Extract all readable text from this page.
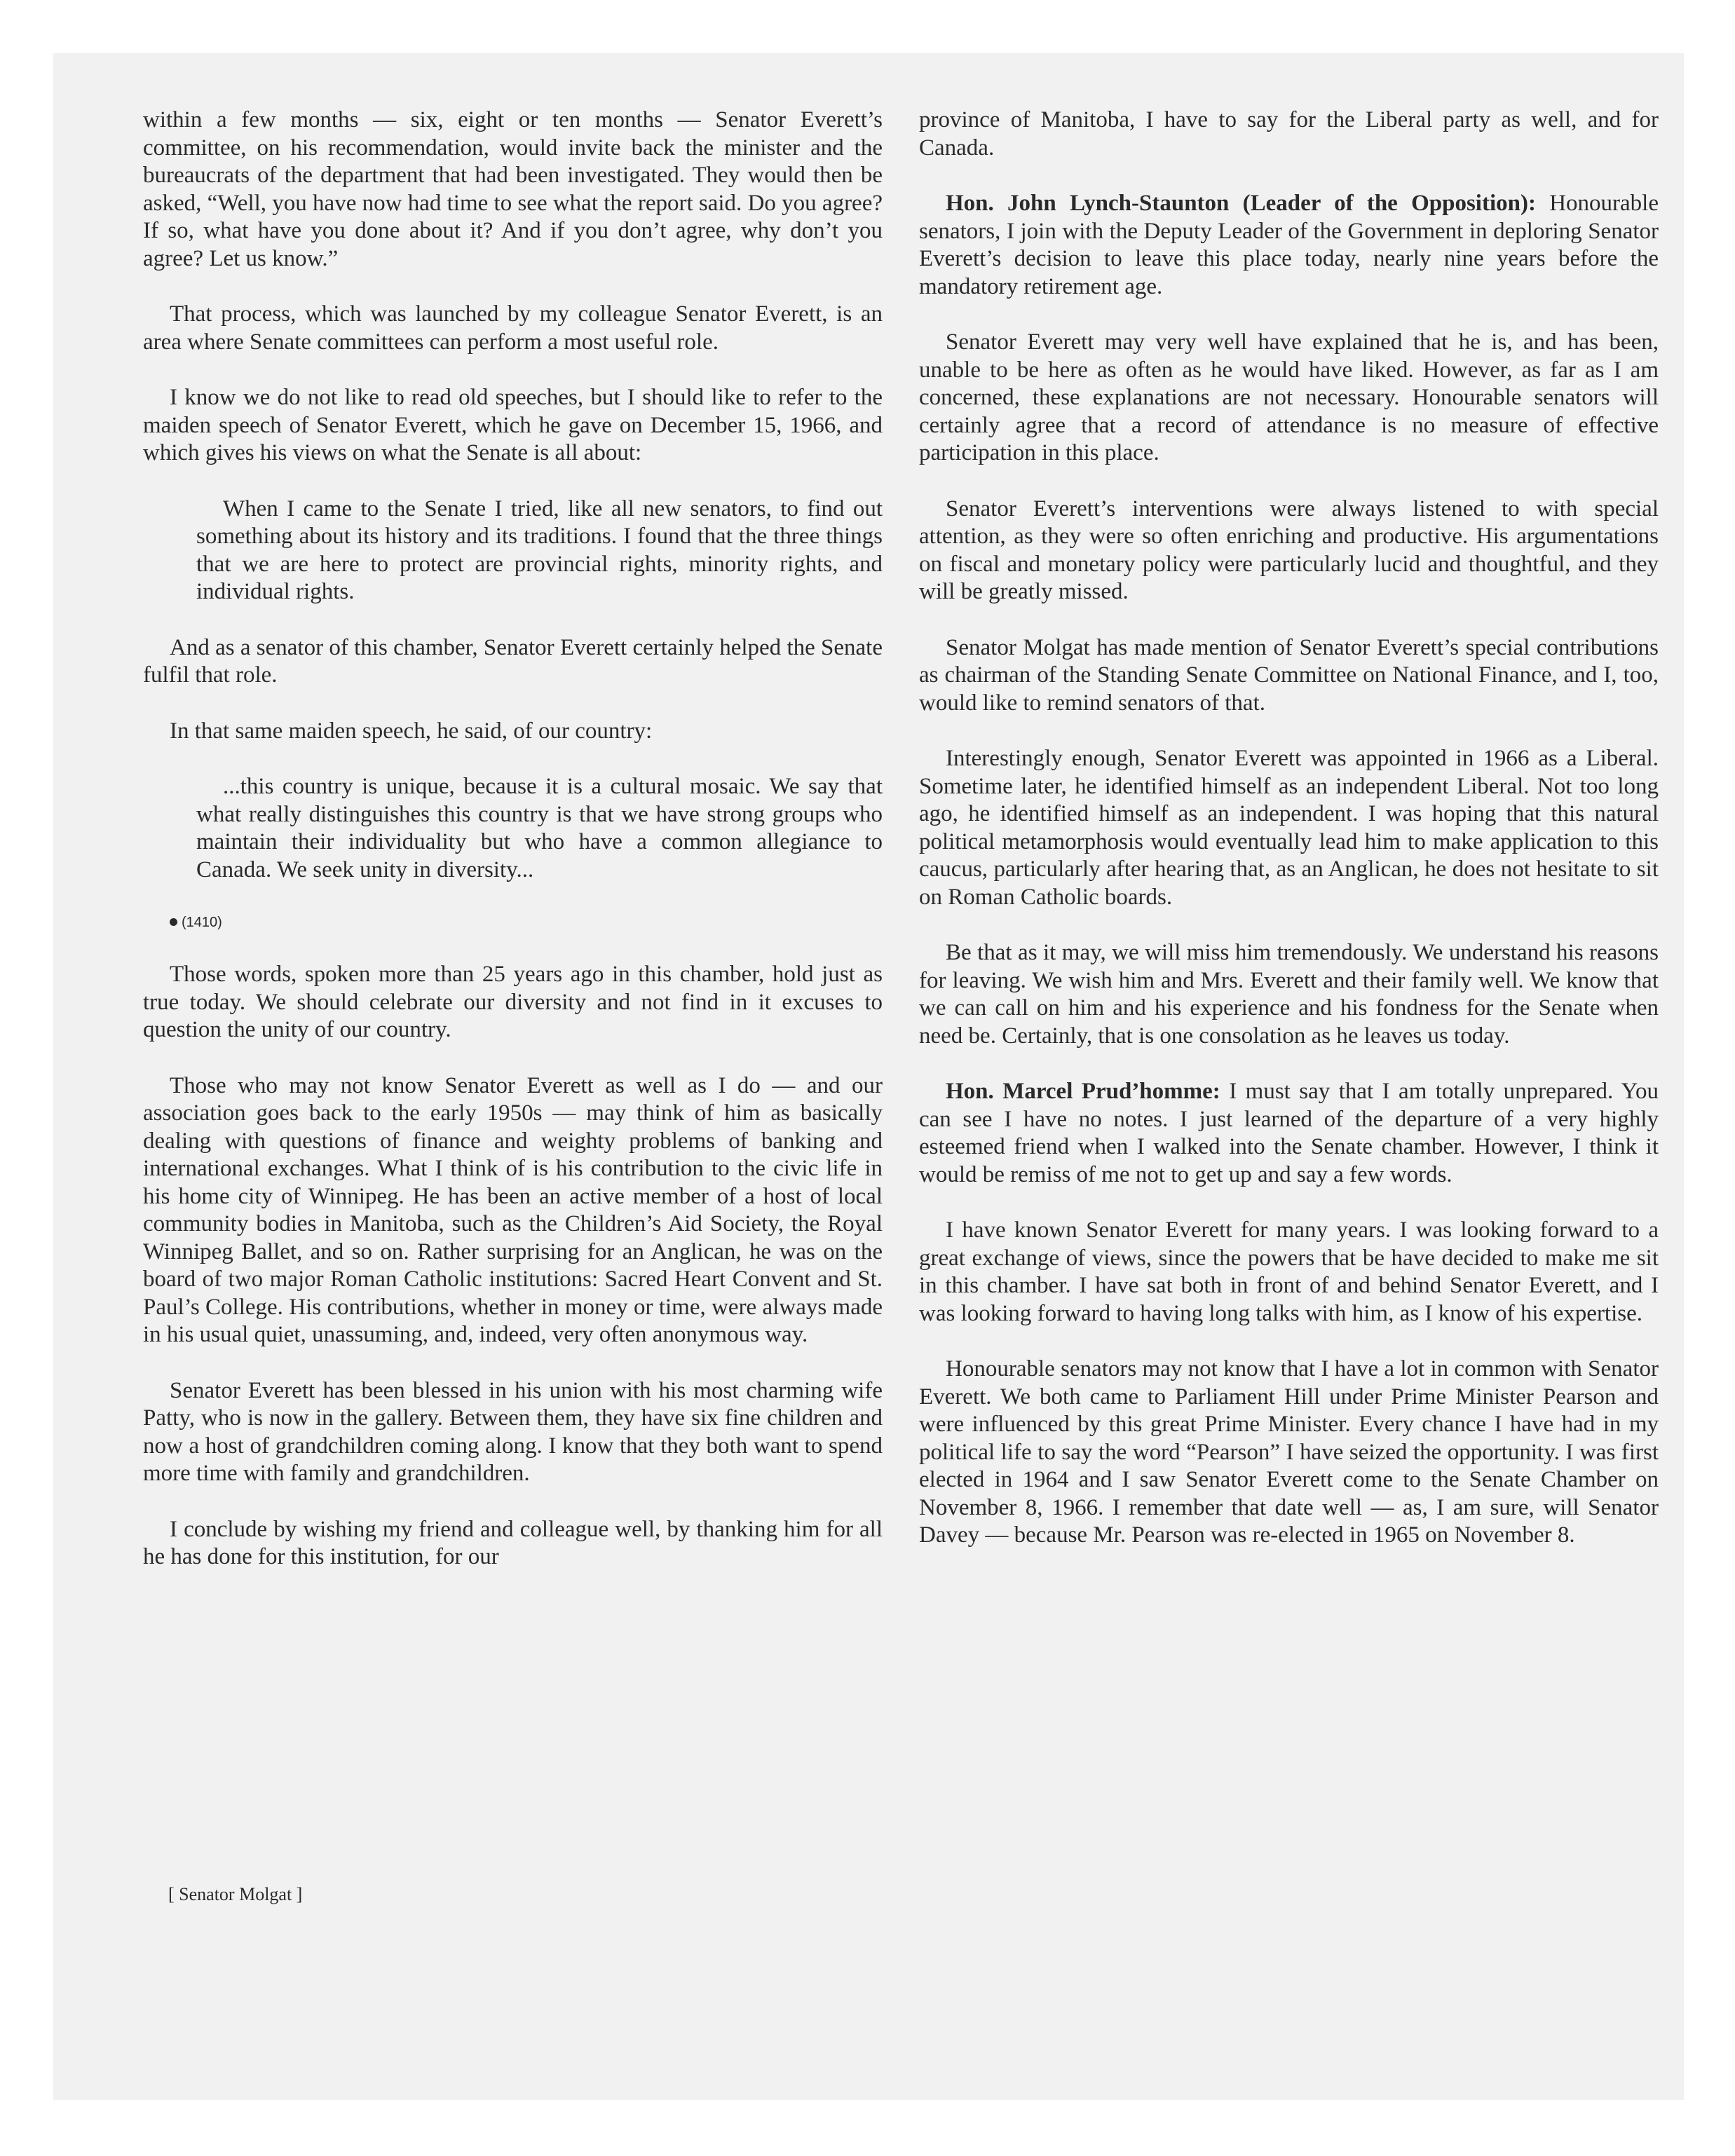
within a few months — six, eight or ten months — Senator Everett’s committee, on his recommendation, would invite back the minister and the bureaucrats of the department that had been investigated. They would then be asked, “Well, you have now had time to see what the report said. Do you agree? If so, what have you done about it? And if you don’t agree, why don’t you agree? Let us know.”

That process, which was launched by my colleague Senator Everett, is an area where Senate committees can perform a most useful role.

I know we do not like to read old speeches, but I should like to refer to the maiden speech of Senator Everett, which he gave on December 15, 1966, and which gives his views on what the Senate is all about:

When I came to the Senate I tried, like all new senators, to find out something about its history and its traditions. I found that the three things that we are here to protect are provincial rights, minority rights, and individual rights.

And as a senator of this chamber, Senator Everett certainly helped the Senate fulfil that role.

In that same maiden speech, he said, of our country:

...this country is unique, because it is a cultural mosaic. We say that what really distinguishes this country is that we have strong groups who maintain their individuality but who have a common allegiance to Canada. We seek unity in diversity...

(1410)

Those words, spoken more than 25 years ago in this chamber, hold just as true today. We should celebrate our diversity and not find in it excuses to question the unity of our country.

Those who may not know Senator Everett as well as I do — and our association goes back to the early 1950s — may think of him as basically dealing with questions of finance and weighty problems of banking and international exchanges. What I think of is his contribution to the civic life in his home city of Winnipeg. He has been an active member of a host of local community bodies in Manitoba, such as the Children’s Aid Society, the Royal Winnipeg Ballet, and so on. Rather surprising for an Anglican, he was on the board of two major Roman Catholic institutions: Sacred Heart Convent and St. Paul’s College. His contributions, whether in money or time, were always made in his usual quiet, unassuming, and, indeed, very often anonymous way.

Senator Everett has been blessed in his union with his most charming wife Patty, who is now in the gallery. Between them, they have six fine children and now a host of grandchildren coming along. I know that they both want to spend more time with family and grandchildren.

I conclude by wishing my friend and colleague well, by thanking him for all he has done for this institution, for our

province of Manitoba, I have to say for the Liberal party as well, and for Canada.

Hon. John Lynch-Staunton (Leader of the Opposition): Honourable senators, I join with the Deputy Leader of the Government in deploring Senator Everett’s decision to leave this place today, nearly nine years before the mandatory retirement age.

Senator Everett may very well have explained that he is, and has been, unable to be here as often as he would have liked. However, as far as I am concerned, these explanations are not necessary. Honourable senators will certainly agree that a record of attendance is no measure of effective participation in this place.

Senator Everett’s interventions were always listened to with special attention, as they were so often enriching and productive. His argumentations on fiscal and monetary policy were particularly lucid and thoughtful, and they will be greatly missed.

Senator Molgat has made mention of Senator Everett’s special contributions as chairman of the Standing Senate Committee on National Finance, and I, too, would like to remind senators of that.

Interestingly enough, Senator Everett was appointed in 1966 as a Liberal. Sometime later, he identified himself as an independent Liberal. Not too long ago, he identified himself as an independent. I was hoping that this natural political metamorphosis would eventually lead him to make application to this caucus, particularly after hearing that, as an Anglican, he does not hesitate to sit on Roman Catholic boards.

Be that as it may, we will miss him tremendously. We understand his reasons for leaving. We wish him and Mrs. Everett and their family well. We know that we can call on him and his experience and his fondness for the Senate when need be. Certainly, that is one consolation as he leaves us today.

Hon. Marcel Prud’homme: I must say that I am totally unprepared. You can see I have no notes. I just learned of the departure of a very highly esteemed friend when I walked into the Senate chamber. However, I think it would be remiss of me not to get up and say a few words.

I have known Senator Everett for many years. I was looking forward to a great exchange of views, since the powers that be have decided to make me sit in this chamber. I have sat both in front of and behind Senator Everett, and I was looking forward to having long talks with him, as I know of his expertise.

Honourable senators may not know that I have a lot in common with Senator Everett. We both came to Parliament Hill under Prime Minister Pearson and were influenced by this great Prime Minister. Every chance I have had in my political life to say the word “Pearson” I have seized the opportunity. I was first elected in 1964 and I saw Senator Everett come to the Senate Chamber on November 8, 1966. I remember that date well — as, I am sure, will Senator Davey — because Mr. Pearson was re-elected in 1965 on November 8.

[ Senator Molgat ]
